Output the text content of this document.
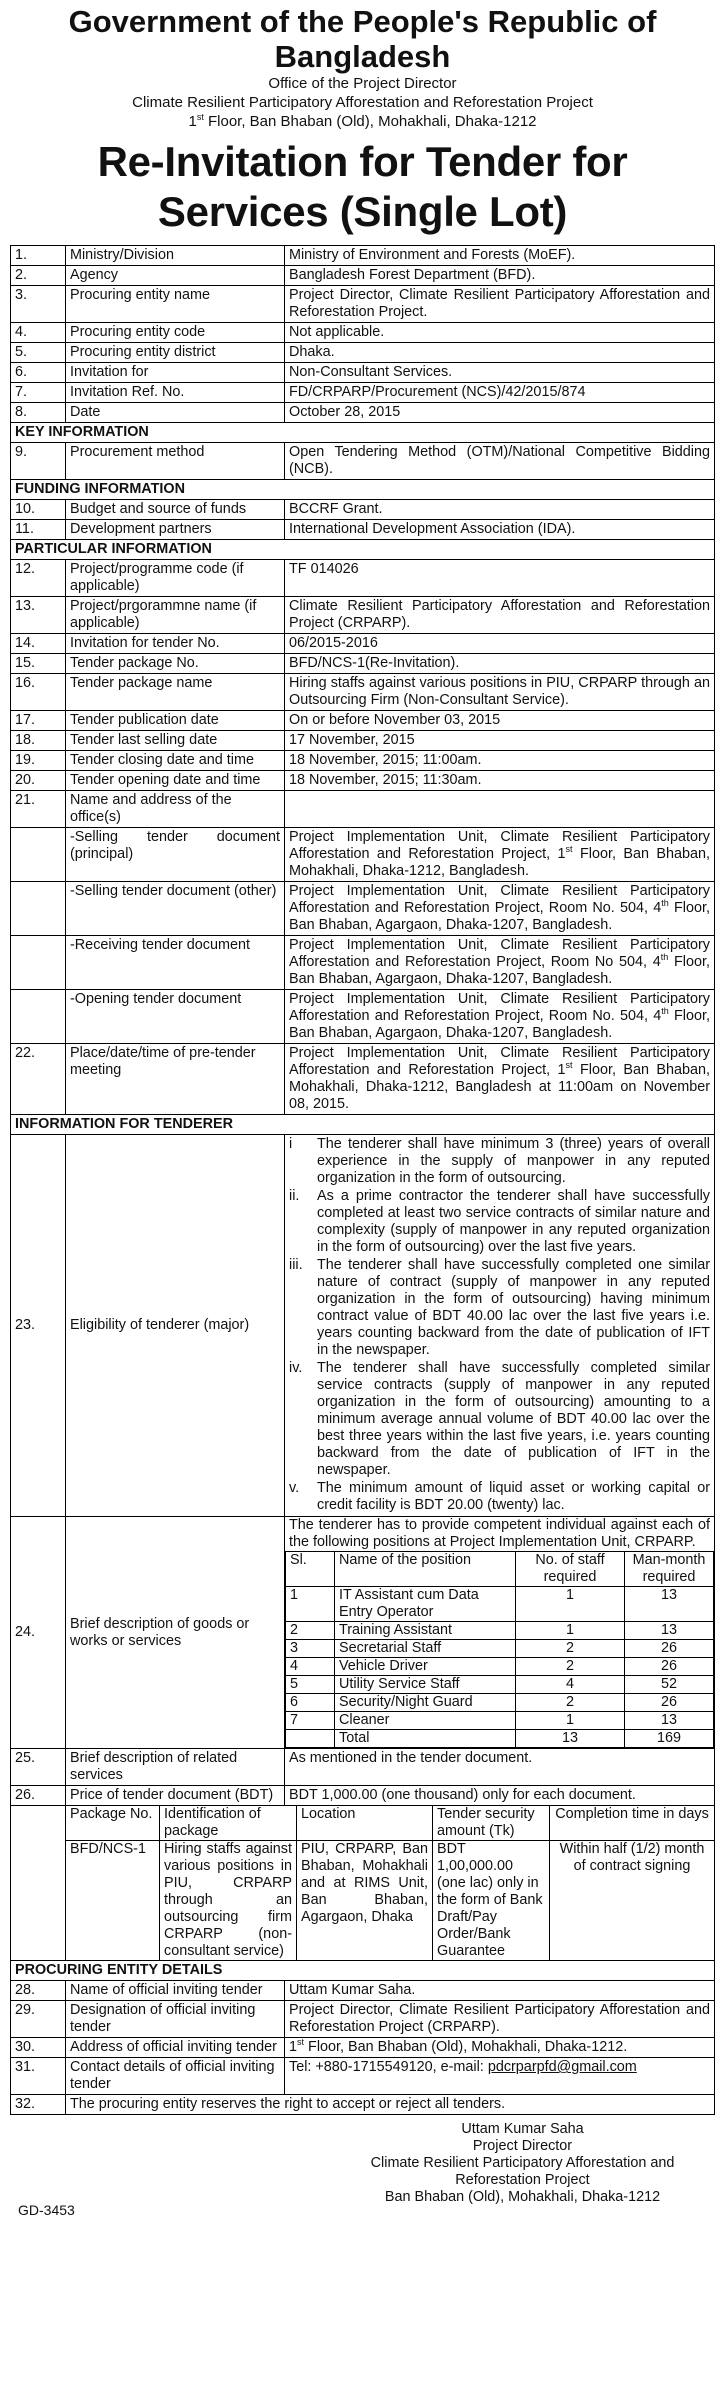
Government of the People's Republic of Bangladesh
Office of the Project Director
Climate Resilient Participatory Afforestation and Reforestation Project
1st Floor, Ban Bhaban (Old), Mohakhali, Dhaka-1212
Re-Invitation for Tender for Services (Single Lot)
1.	Ministry/Division	Ministry of Environment and Forests (MoEF).
2.	Agency	Bangladesh Forest Department (BFD).
3.	Procuring entity name	Project Director, Climate Resilient Participatory Afforestation and Reforestation Project.
4.	Procuring entity code	Not applicable.
5.	Procuring entity district	Dhaka.
6.	Invitation for	Non-Consultant Services.
7.	Invitation Ref. No.	FD/CRPARP/Procurement (NCS)/42/2015/874
8.	Date	October 28, 2015
KEY INFORMATION
9.	Procurement method	Open Tendering Method (OTM)/National Competitive Bidding (NCB).
FUNDING INFORMATION
10.	Budget and source of funds	BCCRF Grant.
11.	Development partners	International Development Association (IDA).
PARTICULAR INFORMATION
12.	Project/programme code (if applicable)	TF 014026
13.	Project/prgorammne name (if applicable)	Climate Resilient Participatory Afforestation and Reforestation Project (CRPARP).
14.	Invitation for tender No.	06/2015-2016
15.	Tender package No.	BFD/NCS-1(Re-Invitation).
16.	Tender package name	Hiring staffs against various positions in PIU, CRPARP through an Outsourcing Firm (Non-Consultant Service).
17.	Tender publication date	On or before November 03, 2015
18.	Tender last selling date	17 November, 2015
19.	Tender closing date and time	18 November, 2015; 11:00am.
20.	Tender opening date and time	18 November, 2015; 11:30am.
21.	Name and address of the office(s)	
	-Selling tender document (principal)	Project Implementation Unit, Climate Resilient Participatory Afforestation and Reforestation Project, 1st Floor, Ban Bhaban, Mohakhali, Dhaka-1212, Bangladesh.
	-Selling tender document (other)	Project Implementation Unit, Climate Resilient Participatory Afforestation and Reforestation Project, Room No. 504, 4th Floor, Ban Bhaban, Agargaon, Dhaka-1207, Bangladesh.
	-Receiving tender document	Project Implementation Unit, Climate Resilient Participatory Afforestation and Reforestation Project, Room No 504, 4th Floor, Ban Bhaban, Agargaon, Dhaka-1207, Bangladesh.
	-Opening tender document	Project Implementation Unit, Climate Resilient Participatory Afforestation and Reforestation Project, Room No. 504, 4th Floor, Ban Bhaban, Agargaon, Dhaka-1207, Bangladesh.
22.	Place/date/time of pre-tender meeting	Project Implementation Unit, Climate Resilient Participatory Afforestation and Reforestation Project, 1st Floor, Ban Bhaban, Mohakhali, Dhaka-1212, Bangladesh at 11:00am on November 08, 2015.
INFORMATION FOR TENDERER
23.	Eligibility of tenderer (major)	
i	The tenderer shall have minimum 3 (three) years of overall experience in the supply of manpower in any reputed organization in the form of outsourcing.
ii.	As a prime contractor the tenderer shall have successfully completed at least two service contracts of similar nature and complexity (supply of manpower in any reputed organization in the form of outsourcing) over the last five years.
iii.	The tenderer shall have successfully completed one similar nature of contract (supply of manpower in any reputed organization in the form of outsourcing) having minimum contract value of BDT 40.00 lac over the last five years i.e. years counting backward from the date of publication of IFT in the newspaper.
iv.	The tenderer shall have successfully completed similar service contracts (supply of manpower in any reputed organization in the form of outsourcing) amounting to a minimum average annual volume of BDT 40.00 lac over the best three years within the last five years, i.e. years counting backward from the date of publication of IFT in the newspaper.
v.	The minimum amount of liquid asset or working capital or credit facility is BDT 20.00 (twenty) lac.

24.	Brief description of goods or works or services	
The tenderer has to provide competent individual against each of the following positions at Project Implementation Unit, CRPARP.
Sl.	Name of the position	No. of staff required	Man-month required
1	IT Assistant cum Data Entry Operator	1	13
2	Training Assistant	1	13
3	Secretarial Staff	2	26
4	Vehicle Driver	2	26
5	Utility Service Staff	4	52
6	Security/Night Guard	2	26
7	Cleaner	1	13
	Total	13	169

25.	Brief description of related services	As mentioned in the tender document.
26.	Price of tender document (BDT)	BDT 1,000.00 (one thousand) only for each document.

Package No.	Identification of package	Location	Tender security amount (Tk)	Completion time in days
BFD/NCS-1	Hiring staffs against various positions in PIU, CRPARP through an outsourcing firm CRPARP (non-consultant service)	PIU, CRPARP, Ban Bhaban, Mohakhali and at RIMS Unit, Ban Bhaban, Agargaon, Dhaka	BDT 1,00,000.00 (one lac) only in the form of Bank Draft/Pay Order/Bank Guarantee	Within half (1/2) month of contract signing

PROCURING ENTITY DETAILS
28.	Name of official inviting tender	Uttam Kumar Saha.
29.	Designation of official inviting tender	Project Director, Climate Resilient Participatory Afforestation and Reforestation Project (CRPARP).
30.	Address of official inviting tender	1st Floor, Ban Bhaban (Old), Mohakhali, Dhaka-1212.
31.	Contact details of official inviting tender	Tel: +880-1715549120, e-mail: pdcrparpfd@gmail.com
32.	The procuring entity reserves the right to accept or reject all tenders.
Uttam Kumar Saha
Project Director
Climate Resilient Participatory Afforestation and Reforestation Project
Ban Bhaban (Old), Mohakhali, Dhaka-1212
GD-3453
